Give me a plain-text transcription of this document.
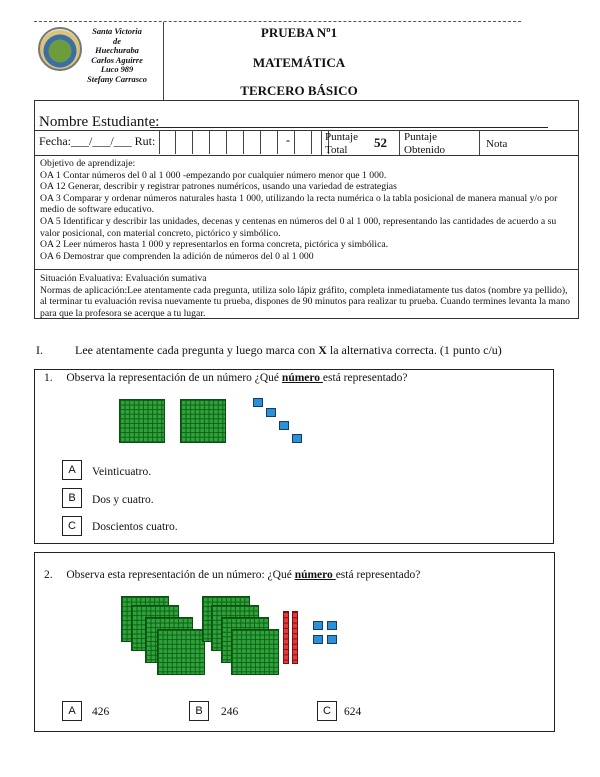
Santa Victoria
de
Huechuraba
Carlos Aguirre
Luco 989
Stefany Carrasco
PRUEBA Nº1
MATEMÁTICA
TERCERO BÁSICO
Nombre Estudiante:
Fecha:___/___/___ Rut:	-	Puntaje Total	52 Puntaje Obtenido	Nota

Objetivo de aprendizaje:

OA 1 Contar números del 0 al 1 000 -empezando por cualquier número menor que 1 000.

OA 12 Generar, describir y registrar patrones numéricos, usando una variedad de estrategias

OA 3 Comparar y ordenar números naturales hasta 1 000, utilizando la recta numérica o la tabla posicional de manera manual y/o por medio de software educativo.

OA 5 Identificar y describir las unidades, decenas y centenas en números del 0 al 1 000, representando las cantidades de acuerdo a su valor posicional, con material concreto, pictórico y simbólico.

OA 2 Leer números hasta 1 000 y representarlos en forma concreta, pictórica y simbólica.

OA 6 Demostrar que comprenden la adición de números del 0 al 1 000

Situación Evaluativa: Evaluación sumativa

Normas de aplicación:Lee atentamente cada pregunta, utiliza solo lápiz gráfito, completa inmediatamente tus datos (nombre ya pellido), al terminar tu evaluación revisa nuevamente tu prueba, dispones de 90 minutos para realizar tu prueba. Cuando termines levanta la mano para que la profesora se acerque a tu lugar.

I.	Lee atentamente cada pregunta y luego marca con X la alternativa correcta. (1 punto c/u)
1. Observa la representación de un número ¿Qué número está representado?
A	Veinticuatro.
B	Dos y cuatro.
C	Doscientos cuatro.
2. Observa esta representación de un número: ¿Qué número está representado?
A	426	B	246	C	624
